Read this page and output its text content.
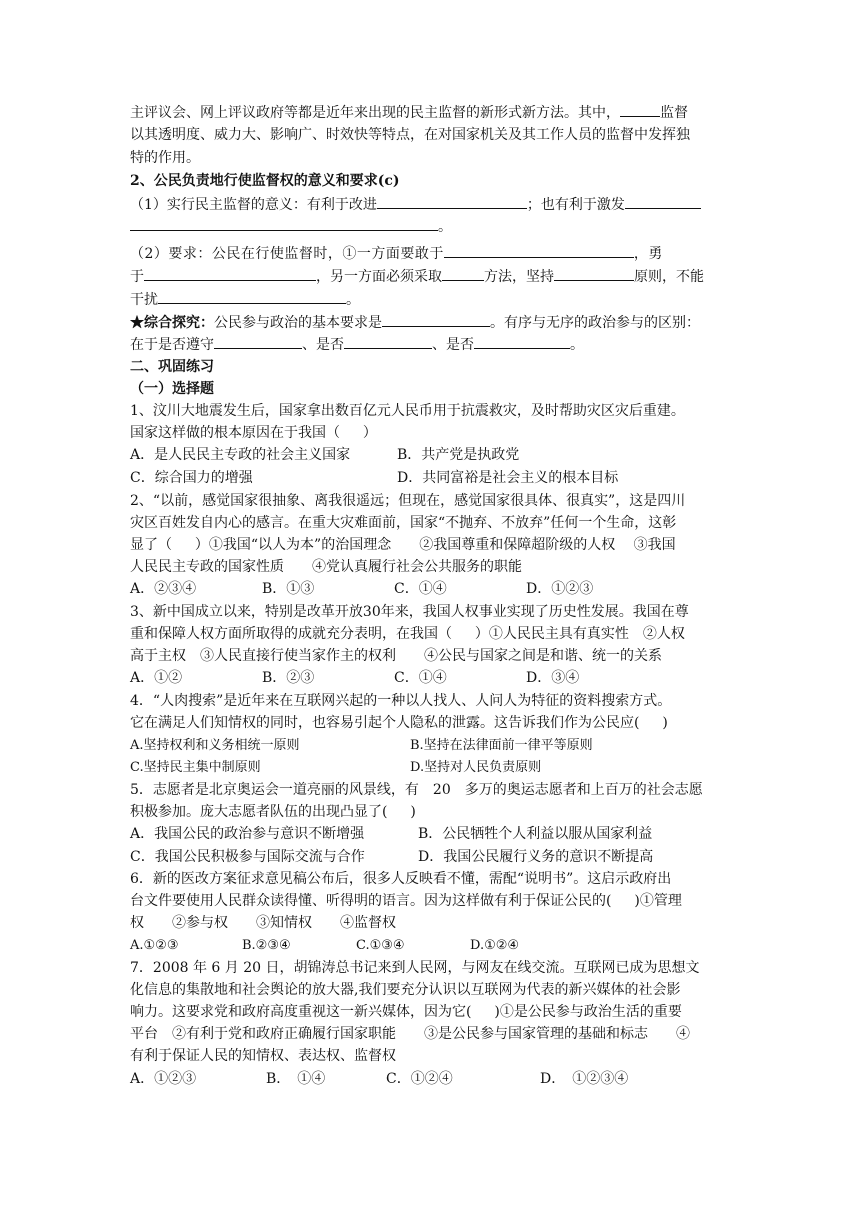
主评议会、网上评议政府等都是近年来出现的民主监督的新形式新方法。其中，	监督
以其透明度、威力大、影响广、时效快等特点，在对国家机关及其工作人员的监督中发挥独
特的作用。
2、公民负责地行使监督权的意义和要求(c)
（1）实行民主监督的意义：有利于改进	；也有利于激发
。
（2）要求：公民在行使监督时，①一方面要敢于	，勇
于	，另一方面必须采取	方法，坚持	原则，不能
干扰	。
★综合探究：公民参与政治的基本要求是	。有序与无序的政治参与的区别：
在于是否遵守	、是否	、是否	。
二、巩固练习
（一）选择题
1、汶川大地震发生后，国家拿出数百亿元人民币用于抗震救灾，及时帮助灾区灾后重建。
国家这样做的根本原因在于我国（　  ）
A．是人民民主专政的社会主义国家	B．共产党是执政党
C．综合国力的增强	D．共同富裕是社会主义的根本目标
2、“以前，感觉国家很抽象、离我很遥远；但现在，感觉国家很具体、很真实”，这是四川
灾区百姓发自内心的感言。在重大灾难面前，国家“不抛弃、不放弃”任何一个生命，这彰
显了（　  ）①我国“以人为本”的治国理念　　②我国尊重和保障超阶级的人权　 ③我国
人民民主专政的国家性质　　④党认真履行社会公共服务的职能
A．②③④	B．①③	C．①④	D．①②③
3、新中国成立以来，特别是改革开放30年来，我国人权事业实现了历史性发展。我国在尊
重和保障人权方面所取得的成就充分表明，在我国（　  ）①人民民主具有真实性　②人权
高于主权　③人民直接行使当家作主的权利　　④公民与国家之间是和谐、统一的关系
A．①②	B．②③	C．①④	D．③④
4．“人肉搜索”是近年来在互联网兴起的一种以人找人、人问人为特征的资料搜索方式。
它在满足人们知情权的同时，也容易引起个人隐私的泄露。这告诉我们作为公民应(　  )
A.坚持权利和义务相统一原则	B.坚持在法律面前一律平等原则
C.坚持民主集中制原则	D.坚持对人民负责原则
5．志愿者是北京奥运会一道亮丽的风景线，有　20　多万的奥运志愿者和上百万的社会志愿
积极参加。庞大志愿者队伍的出现凸显了(　  )
A．我国公民的政治参与意识不断增强	B．公民牺牲个人利益以服从国家利益
C．我国公民积极参与国际交流与合作	D．我国公民履行义务的意识不断提高
6．新的医改方案征求意见稿公布后，很多人反映看不懂，需配“说明书”。这启示政府出
台文件要使用人民群众读得懂、听得明的语言。因为这样做有利于保证公民的(　  )①管理
权　　②参与权　　③知情权　　④监督权
A.①②③	B.②③④	C.①③④	D.①②④
7．2008 年 6 月 20 日，胡锦涛总书记来到人民网，与网友在线交流。互联网已成为思想文
化信息的集散地和社会舆论的放大器,我们要充分认识以互联网为代表的新兴媒体的社会影
响力。这要求党和政府高度重视这一新兴媒体，因为它(　  )①是公民参与政治生活的重要
平台　②有利于党和政府正确履行国家职能　　③是公民参与国家管理的基础和标志　　④
有利于保证人民的知情权、表达权、监督权
A．①②③	B．　①④	C．①②④	D．　①②③④
